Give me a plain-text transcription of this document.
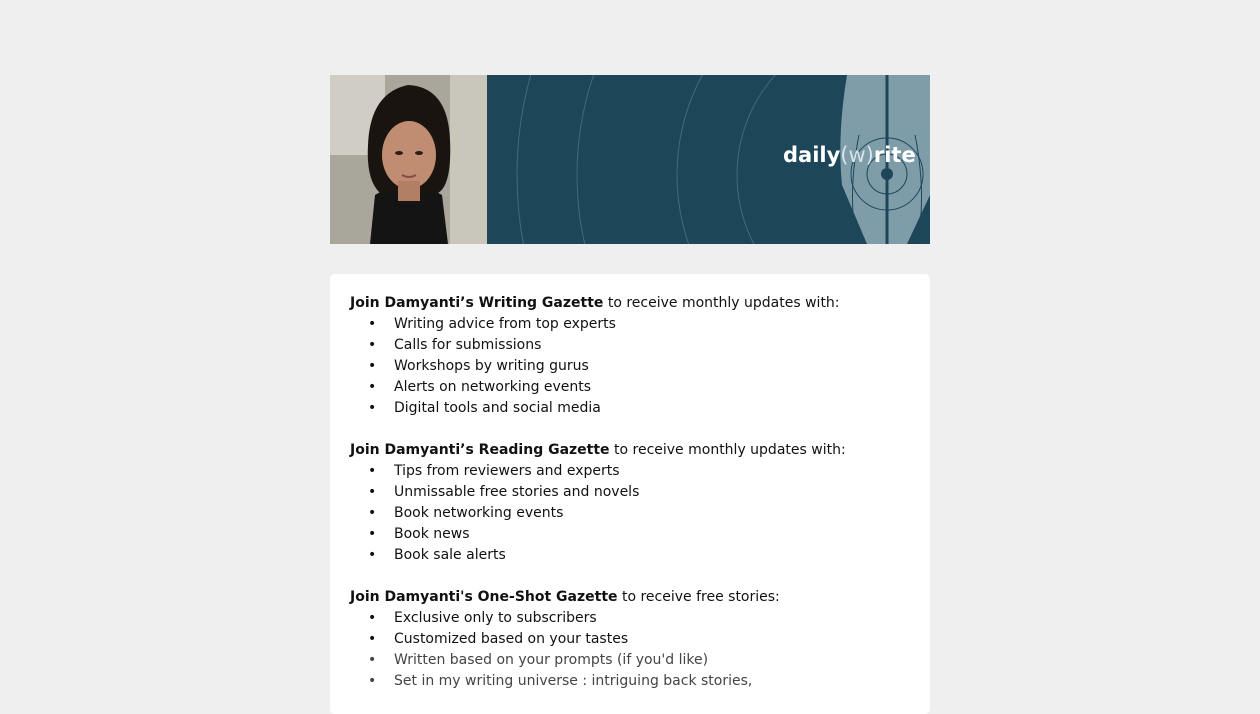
daily(w)rite
Join Damyanti’s Writing Gazette to receive monthly updates with:
• Writing advice from top experts
• Calls for submissions
• Workshops by writing gurus
• Alerts on networking events
• Digital tools and social media
Join Damyanti’s Reading Gazette to receive monthly updates with:
• Tips from reviewers and experts
• Unmissable free stories and novels
• Book networking events
• Book news
• Book sale alerts
Join Damyanti's One-Shot Gazette to receive free stories:
• Exclusive only to subscribers
• Customized based on your tastes
• Written based on your prompts (if you'd like)
• Set in my writing universe : intriguing back stories,
